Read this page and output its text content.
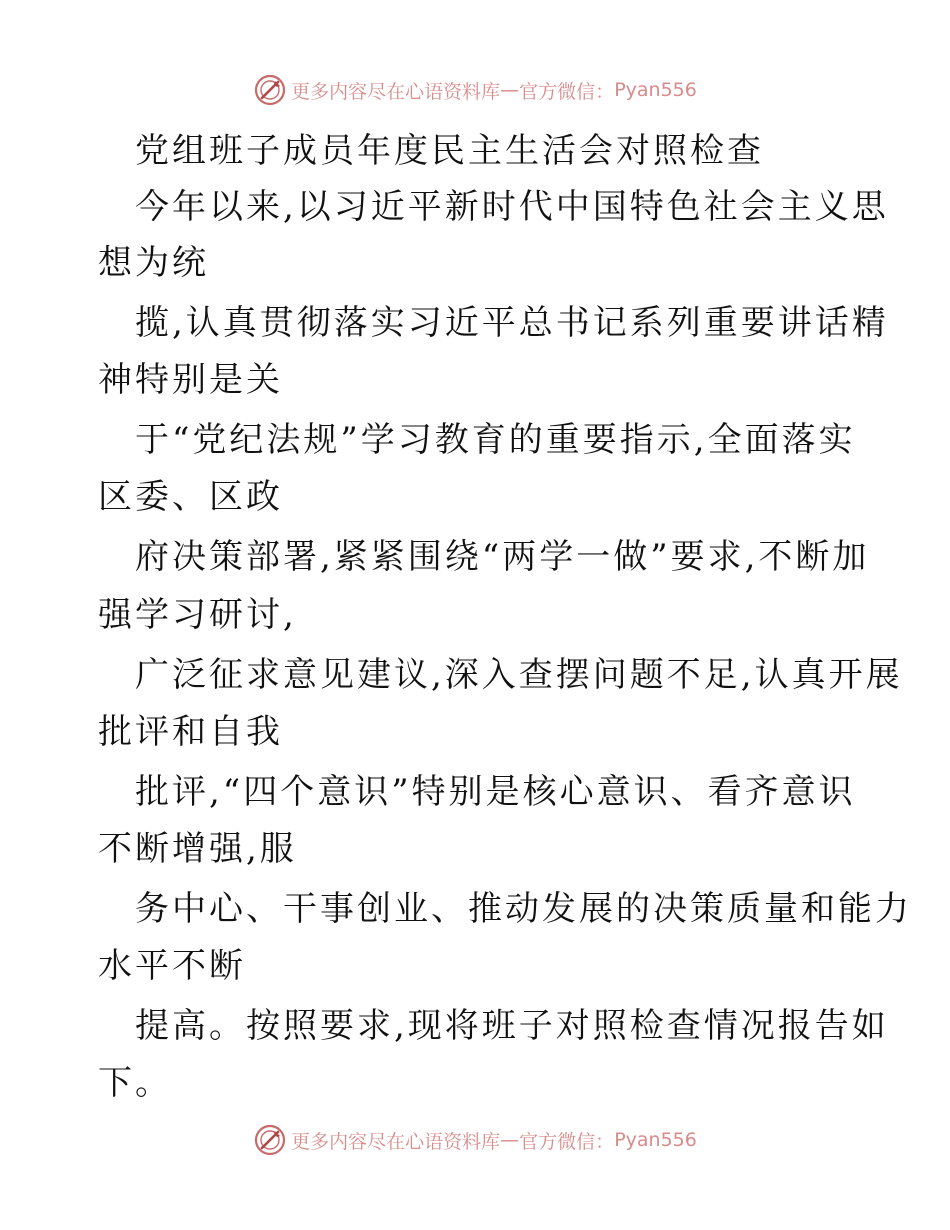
更多内容尽在心语资料库 — 官方微信： Pyan556
党组班子成员年度民主生活会对照检查
今年以来,以习近平新时代中国特色社会主义思
想为统
揽,认真贯彻落实习近平总书记系列重要讲话精
神特别是关
于“党纪法规”学习教育的重要指示,全面落实
区委、区政
府决策部署,紧紧围绕“两学一做”要求,不断加
强学习研讨,
广泛征求意见建议,深入查摆问题不足,认真开展
批评和自我
批评,“四个意识”特别是核心意识、看齐意识
不断增强,服
务中心、干事创业、推动发展的决策质量和能力
水平不断
提高。按照要求,现将班子对照检查情况报告如
下。
更多内容尽在心语资料库 — 官方微信： Pyan556
